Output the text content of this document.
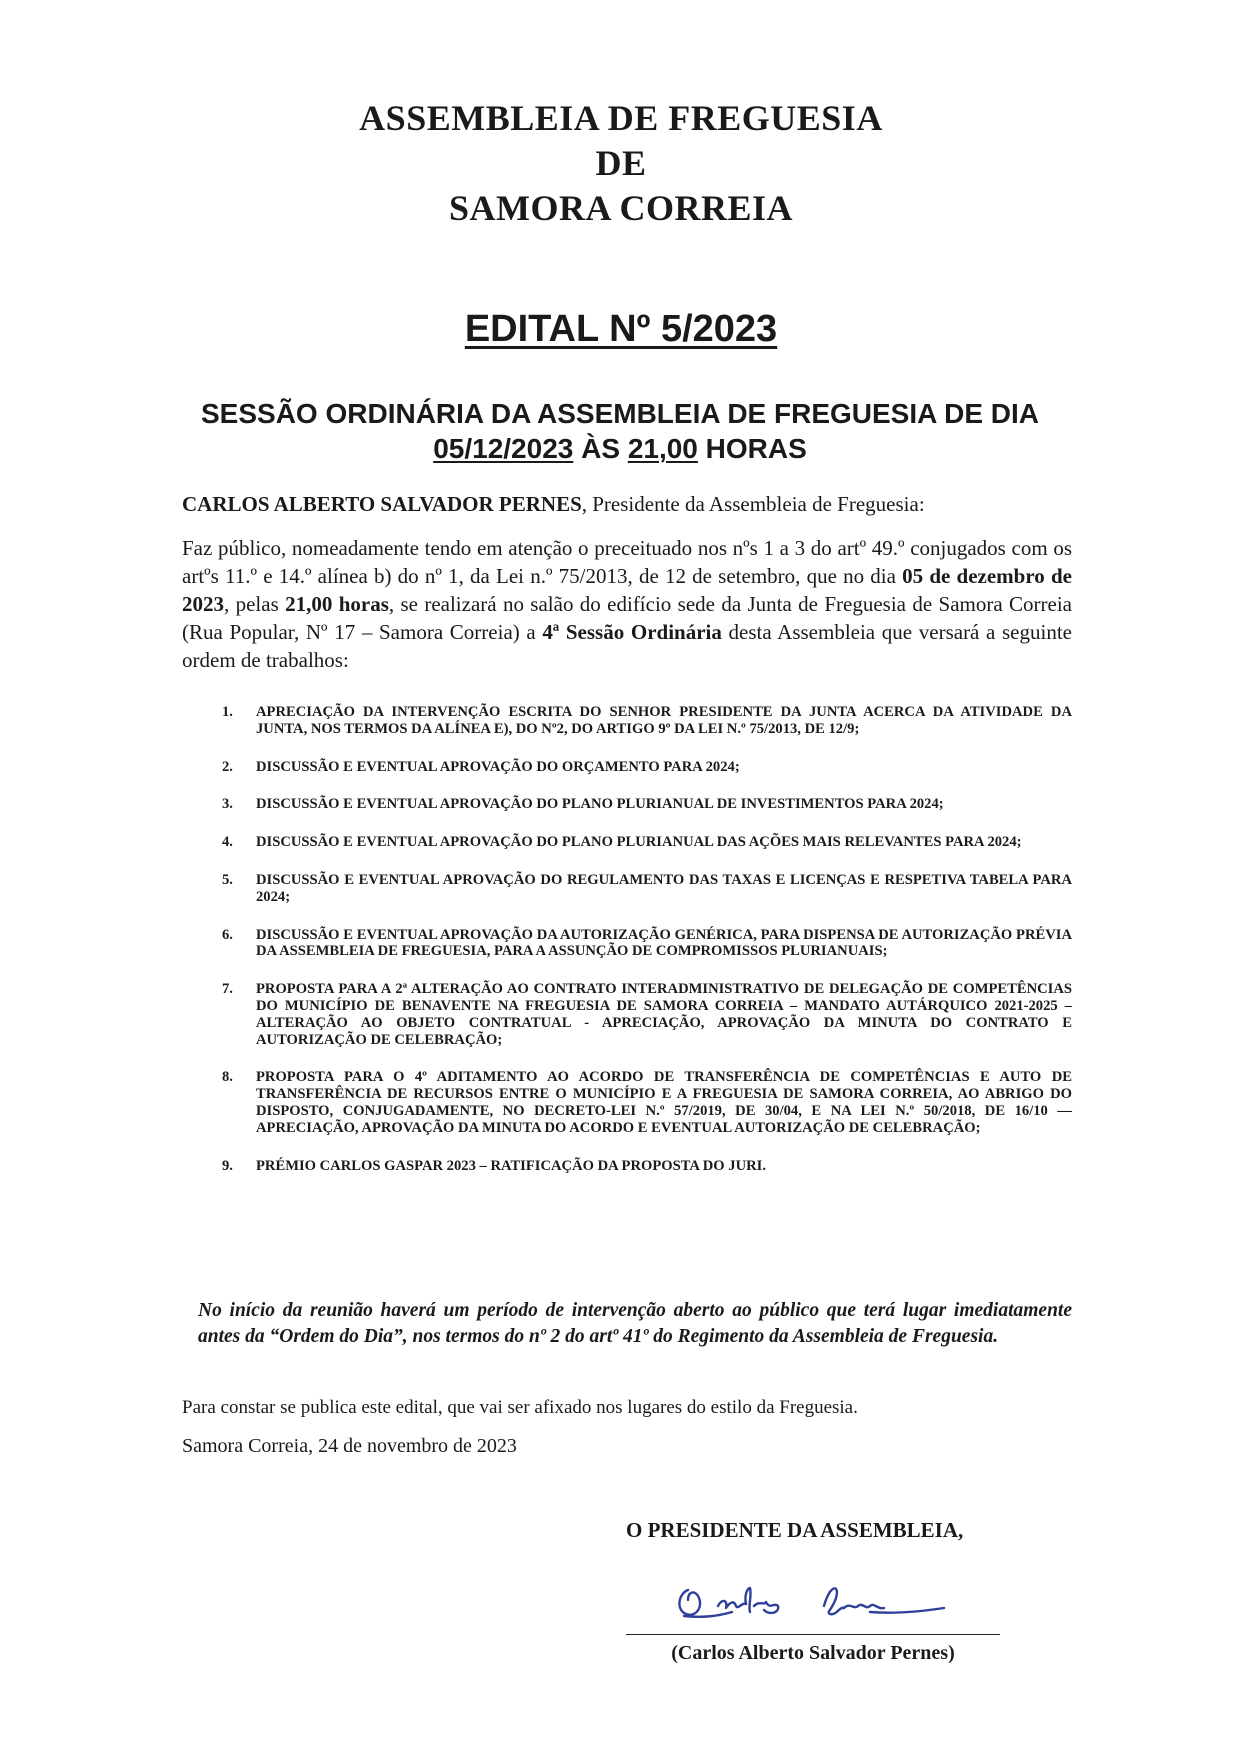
ASSEMBLEIA DE FREGUESIA
DE
SAMORA CORREIA
EDITAL Nº 5/2023
SESSÃO ORDINÁRIA DA ASSEMBLEIA DE FREGUESIA DE DIA
05/12/2023 ÀS 21,00 HORAS
CARLOS ALBERTO SALVADOR PERNES, Presidente da Assembleia de Freguesia:
Faz público, nomeadamente tendo em atenção o preceituado nos nºs 1 a 3 do artº 49.º conjugados com os artºs 11.º e 14.º alínea b) do nº 1, da Lei n.º 75/2013, de 12 de setembro, que no dia 05 de dezembro de 2023, pelas 21,00 horas, se realizará no salão do edifício sede da Junta de Freguesia de Samora Correia (Rua Popular, Nº 17 – Samora Correia) a 4ª Sessão Ordinária desta Assembleia que versará a seguinte ordem de trabalhos:
1. APRECIAÇÃO DA INTERVENÇÃO ESCRITA DO SENHOR PRESIDENTE DA JUNTA ACERCA DA ATIVIDADE DA JUNTA, NOS TERMOS DA ALÍNEA E), DO Nº2, DO ARTIGO 9º DA LEI N.º 75/2013, DE 12/9;
2. DISCUSSÃO E EVENTUAL APROVAÇÃO DO ORÇAMENTO PARA 2024;
3. DISCUSSÃO E EVENTUAL APROVAÇÃO DO PLANO PLURIANUAL DE INVESTIMENTOS PARA 2024;
4. DISCUSSÃO E EVENTUAL APROVAÇÃO DO PLANO PLURIANUAL DAS AÇÕES MAIS RELEVANTES PARA 2024;
5. DISCUSSÃO E EVENTUAL APROVAÇÃO DO REGULAMENTO DAS TAXAS E LICENÇAS E RESPETIVA TABELA PARA 2024;
6. DISCUSSÃO E EVENTUAL APROVAÇÃO DA AUTORIZAÇÃO GENÉRICA, PARA DISPENSA DE AUTORIZAÇÃO PRÉVIA DA ASSEMBLEIA DE FREGUESIA, PARA A ASSUNÇÃO DE COMPROMISSOS PLURIANUAIS;
7. PROPOSTA PARA A 2ª ALTERAÇÃO AO CONTRATO INTERADMINISTRATIVO DE DELEGAÇÃO DE COMPETÊNCIAS DO MUNICÍPIO DE BENAVENTE NA FREGUESIA DE SAMORA CORREIA – MANDATO AUTÁRQUICO 2021-2025 – ALTERAÇÃO AO OBJETO CONTRATUAL - APRECIAÇÃO, APROVAÇÃO DA MINUTA DO CONTRATO E AUTORIZAÇÃO DE CELEBRAÇÃO;
8. PROPOSTA PARA O 4º ADITAMENTO AO ACORDO DE TRANSFERÊNCIA DE COMPETÊNCIAS E AUTO DE TRANSFERÊNCIA DE RECURSOS ENTRE O MUNICÍPIO E A FREGUESIA DE SAMORA CORREIA, AO ABRIGO DO DISPOSTO, CONJUGADAMENTE, NO DECRETO-LEI N.º 57/2019, DE 30/04, E NA LEI N.º 50/2018, DE 16/10 — APRECIAÇÃO, APROVAÇÃO DA MINUTA DO ACORDO E EVENTUAL AUTORIZAÇÃO DE CELEBRAÇÃO;
9. PRÉMIO CARLOS GASPAR 2023 – RATIFICAÇÃO DA PROPOSTA DO JURI.
No início da reunião haverá um período de intervenção aberto ao público que terá lugar imediatamente antes da “Ordem do Dia”, nos termos do nº 2 do artº 41º do Regimento da Assembleia de Freguesia.
Para constar se publica este edital, que vai ser afixado nos lugares do estilo da Freguesia.
Samora Correia, 24 de novembro de 2023
O PRESIDENTE DA ASSEMBLEIA,
(Carlos Alberto Salvador Pernes)
